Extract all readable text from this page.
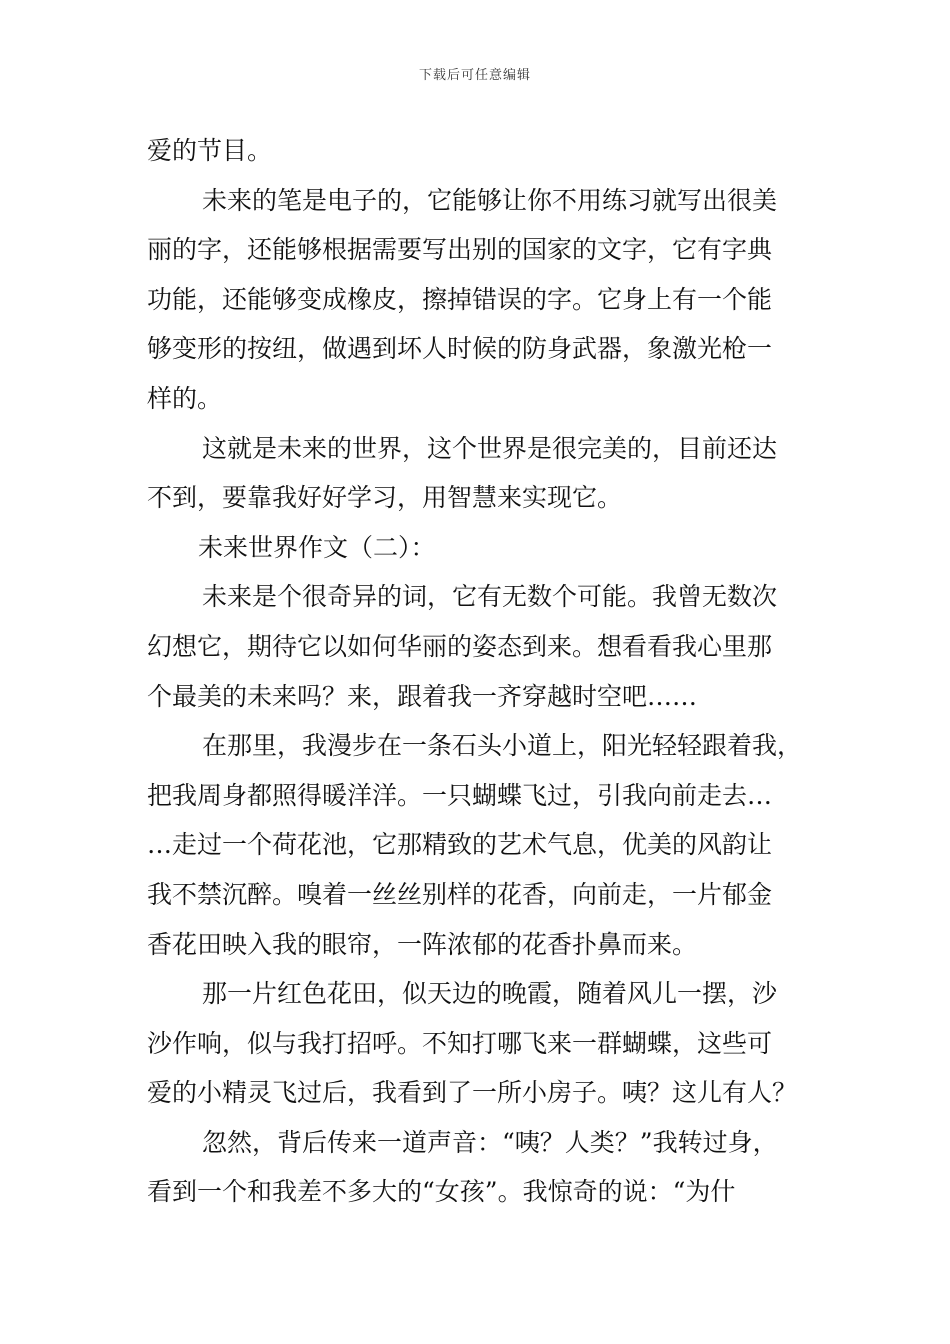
下载后可任意编辑
爱的节目。
未来的笔是电子的，它能够让你不用练习就写出很美
丽的字，还能够根据需要写出别的国家的文字，它有字典
功能，还能够变成橡皮，擦掉错误的字。它身上有一个能
够变形的按纽，做遇到坏人时候的防身武器，象激光枪一
样的。
这就是未来的世界，这个世界是很完美的，目前还达
不到，要靠我好好学习，用智慧来实现它。
未来世界作文（二）：
未来是个很奇异的词，它有无数个可能。我曾无数次
幻想它，期待它以如何华丽的姿态到来。想看看我心里那
个最美的未来吗？来，跟着我一齐穿越时空吧……
在那里，我漫步在一条石头小道上，阳光轻轻跟着我，
把我周身都照得暖洋洋。一只蝴蝶飞过，引我向前走去…
…走过一个荷花池，它那精致的艺术气息，优美的风韵让
我不禁沉醉。嗅着一丝丝别样的花香，向前走，一片郁金
香花田映入我的眼帘，一阵浓郁的花香扑鼻而来。
那一片红色花田，似天边的晚霞，随着风儿一摆，沙
沙作响，似与我打招呼。不知打哪飞来一群蝴蝶，这些可
爱的小精灵飞过后，我看到了一所小房子。咦？这儿有人？
忽然，背后传来一道声音：“咦？人类？”我转过身，
看到一个和我差不多大的“女孩”。我惊奇的说：“为什
